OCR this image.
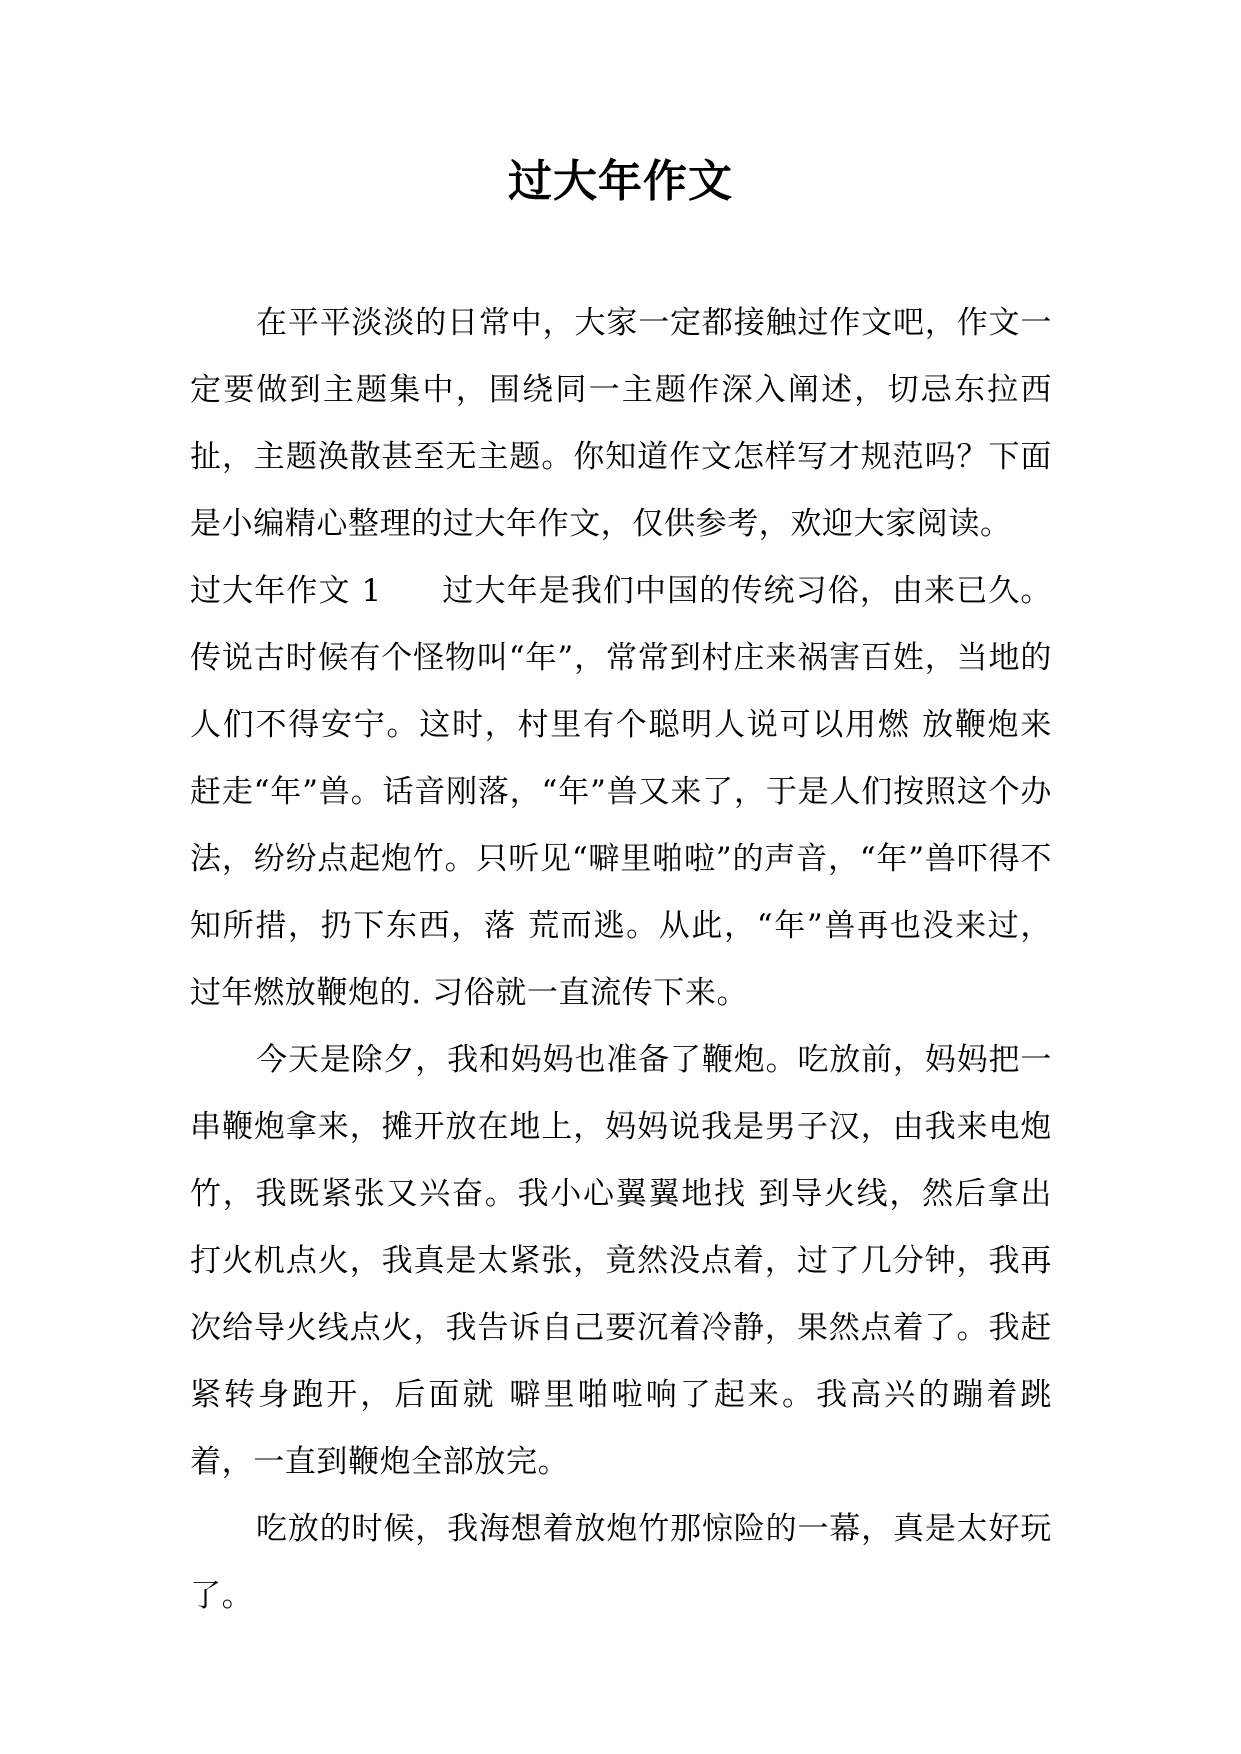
过大年作文

在平平淡淡的日常中，大家一定都接触过作文吧，作文一定要做到主题集中，围绕同一主题作深入阐述，切忌东拉西扯，主题涣散甚至无主题。你知道作文怎样写才规范吗？下面是小编精心整理的过大年作文，仅供参考，欢迎大家阅读。

过大年作文 1 过大年是我们中国的传统习俗，由来已久。传说古时候有个怪物叫“年”，常常到村庄来祸害百姓，当地的人们不得安宁。这时，村里有个聪明人说可以用燃 放鞭炮来赶走“年”兽。话音刚落，“年”兽又来了，于是人们按照这个办法，纷纷点起炮竹。只听见“噼里啪啦”的声音，“年”兽吓得不知所措，扔下东西，落 荒而逃。从此，“年”兽再也没来过，过年燃放鞭炮的. 习俗就一直流传下来。

今天是除夕，我和妈妈也准备了鞭炮。吃放前，妈妈把一串鞭炮拿来，摊开放在地上，妈妈说我是男子汉，由我来电炮竹，我既紧张又兴奋。我小心翼翼地找 到导火线，然后拿出打火机点火，我真是太紧张，竟然没点着，过了几分钟，我再次给导火线点火，我告诉自己要沉着冷静，果然点着了。我赶紧转身跑开，后面就 噼里啪啦响了起来。我高兴的蹦着跳着，一直到鞭炮全部放完。

吃放的时候，我海想着放炮竹那惊险的一幕，真是太好玩了。
